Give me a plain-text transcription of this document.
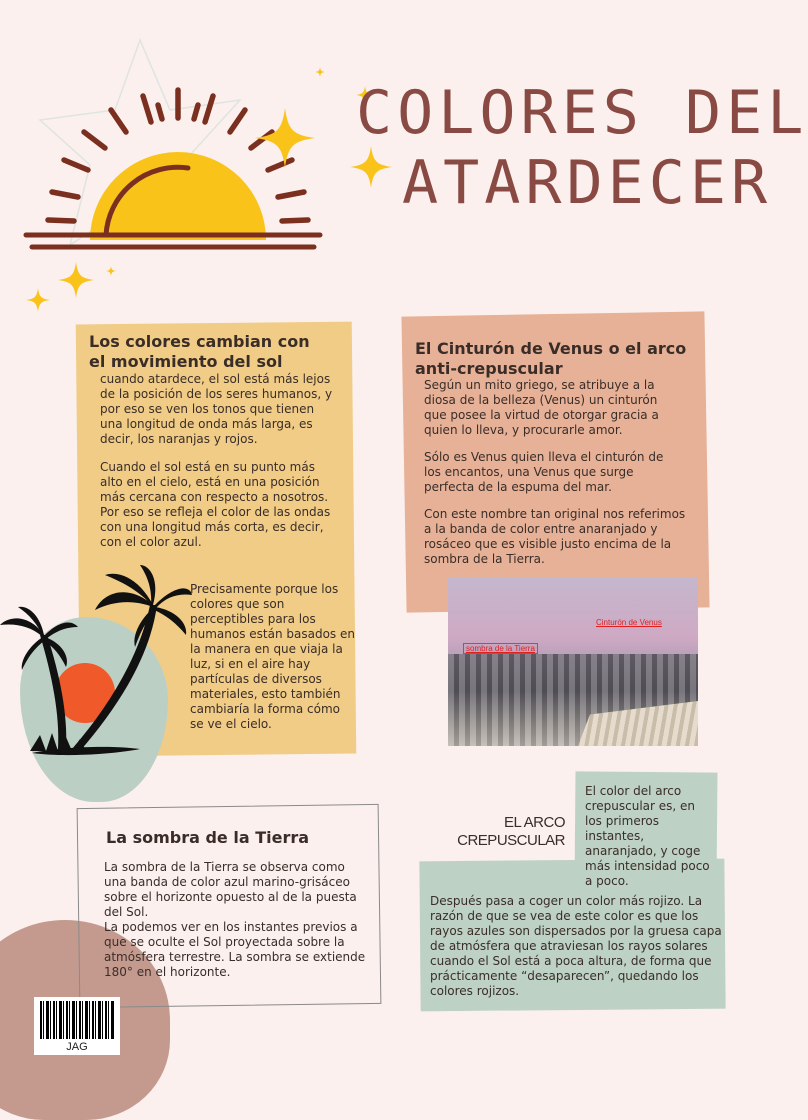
COLORES DEL
ATARDECER
Los colores cambian con el movimiento del sol
cuando atardece, el sol está más lejos
de la posición de los seres humanos, y
por eso se ven los tonos que tienen
una longitud de onda más larga, es
decir, los naranjas y rojos.
Cuando el sol está en su punto más
alto en el cielo, está en una posición
más cercana con respecto a nosotros.
Por eso se refleja el color de las ondas
con una longitud más corta, es decir,
con el color azul.
Precisamente porque los
colores que son
perceptibles para los
humanos están basados en
la manera en que viaja la
luz, si en el aire hay
partículas de diversos
materiales, esto también
cambiaría la forma cómo
se ve el cielo.
El Cinturón de Venus o el arco anti-crepuscular
Según un mito griego, se atribuye a la
diosa de la belleza (Venus) un cinturón
que posee la virtud de otorgar gracia a
quien lo lleva, y procurarle amor.
Sólo es Venus quien lleva el cinturón de
los encantos, una Venus que surge
perfecta de la espuma del mar.
Con este nombre tan original nos referimos
a la banda de color entre anaranjado y
rosáceo que es visible justo encima de la
sombra de la Tierra.
Cinturón de Venus
sombra de la Tierra
La sombra de la Tierra
La sombra de la Tierra se observa como
una banda de color azul marino-grisáceo
sobre el horizonte opuesto al de la puesta
del Sol.
La podemos ver en los instantes previos a
que se oculte el Sol proyectada sobre la
atmósfera terrestre. La sombra se extiende
180° en el horizonte.
EL ARCO CREPUSCULAR
El color del arco
crepuscular es, en
los primeros
instantes,
anaranjado, y coge
más intensidad poco
a poco.
Después pasa a coger un color más rojizo. La
razón de que se vea de este color es que los
rayos azules son dispersados por la gruesa capa
de atmósfera que atraviesan los rayos solares
cuando el Sol está a poca altura, de forma que
prácticamente “desaparecen”, quedando los
colores rojizos.
JAG
